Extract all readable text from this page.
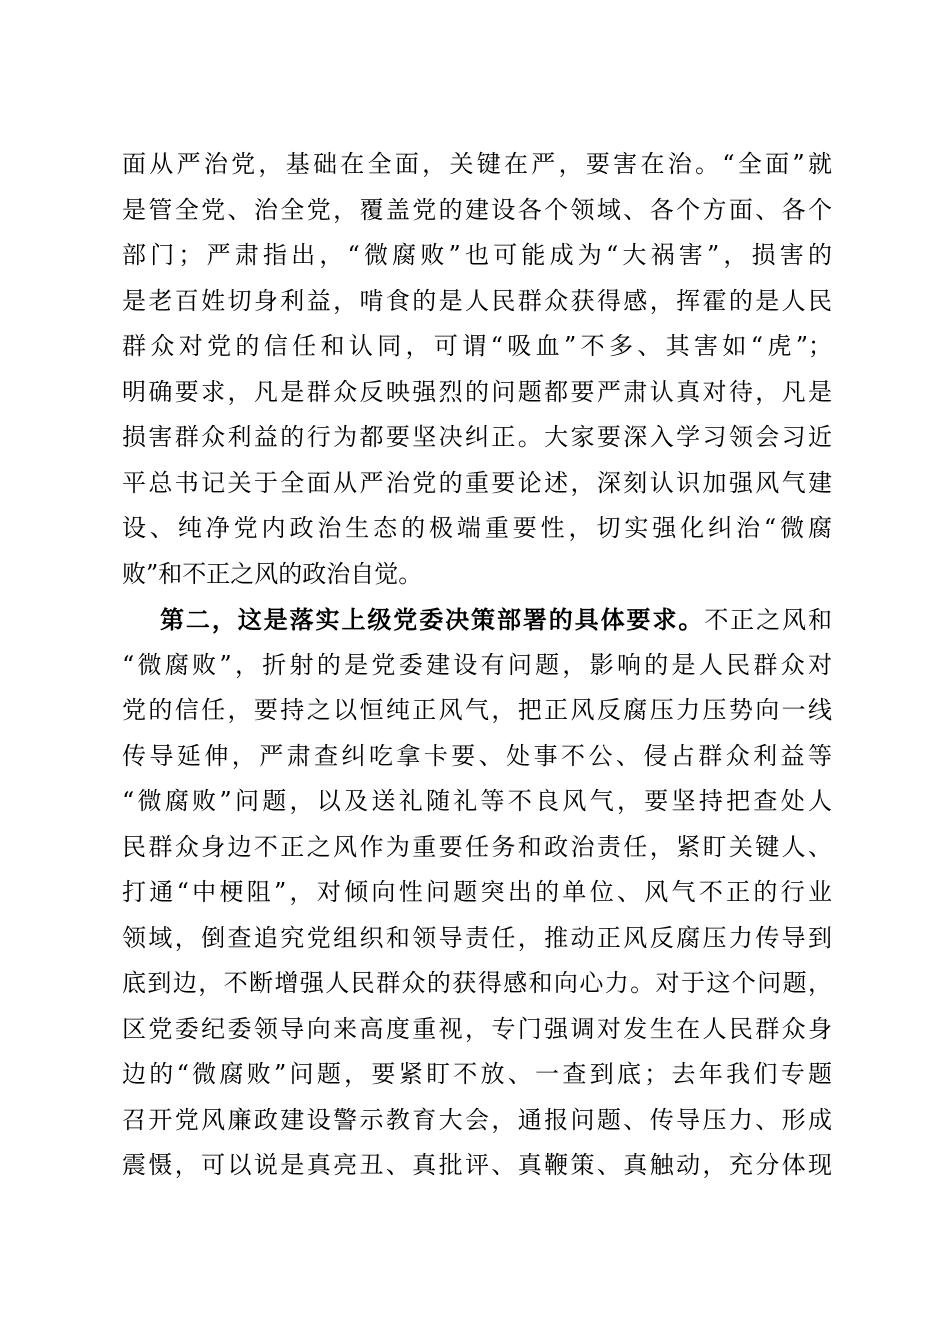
面从严治党，基础在全面，关键在严，要害在治。“全面”就
是管全党、治全党，覆盖党的建设各个领域、各个方面、各个
部门；严肃指出，“微腐败”也可能成为“大祸害”，损害的
是老百姓切身利益，啃食的是人民群众获得感，挥霍的是人民
群众对党的信任和认同，可谓“吸血”不多、其害如“虎”；
明确要求，凡是群众反映强烈的问题都要严肃认真对待，凡是
损害群众利益的行为都要坚决纠正。大家要深入学习领会习近
平总书记关于全面从严治党的重要论述，深刻认识加强风气建
设、纯净党内政治生态的极端重要性，切实强化纠治“微腐
败”和不正之风的政治自觉。
第二，这是落实上级党委决策部署的具体要求。不正之风和
“微腐败”，折射的是党委建设有问题，影响的是人民群众对
党的信任，要持之以恒纯正风气，把正风反腐压力压势向一线
传导延伸，严肃查纠吃拿卡要、处事不公、侵占群众利益等
“微腐败”问题，以及送礼随礼等不良风气，要坚持把查处人
民群众身边不正之风作为重要任务和政治责任，紧盯关键人、
打通“中梗阻”，对倾向性问题突出的单位、风气不正的行业
领域，倒查追究党组织和领导责任，推动正风反腐压力传导到
底到边，不断增强人民群众的获得感和向心力。对于这个问题，
区党委纪委领导向来高度重视，专门强调对发生在人民群众身
边的“微腐败”问题，要紧盯不放、一查到底；去年我们专题
召开党风廉政建设警示教育大会，通报问题、传导压力、形成
震慑，可以说是真亮丑、真批评、真鞭策、真触动，充分体现
